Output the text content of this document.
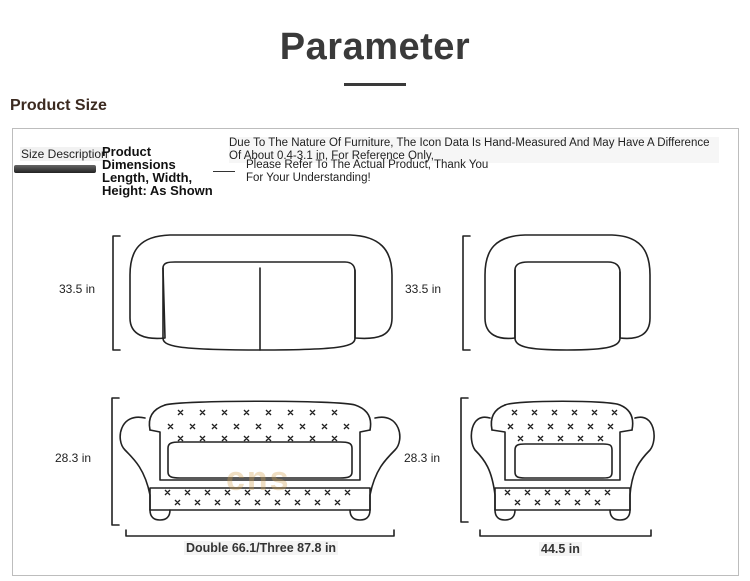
Parameter
Product Size
Size Description
Product Dimensions Length, Width, Height: As Shown
Due To The Nature Of Furniture, The Icon Data Is Hand-Measured And May Have A Difference Of About 0.4-3.1 in, For Reference Only,
Please Refer To The Actual Product, Thank You For Your Understanding!
cns
33.5 in	33.5 in
28.3 in	28.3 in
Double 66.1/Three 87.8 in	44.5 in
